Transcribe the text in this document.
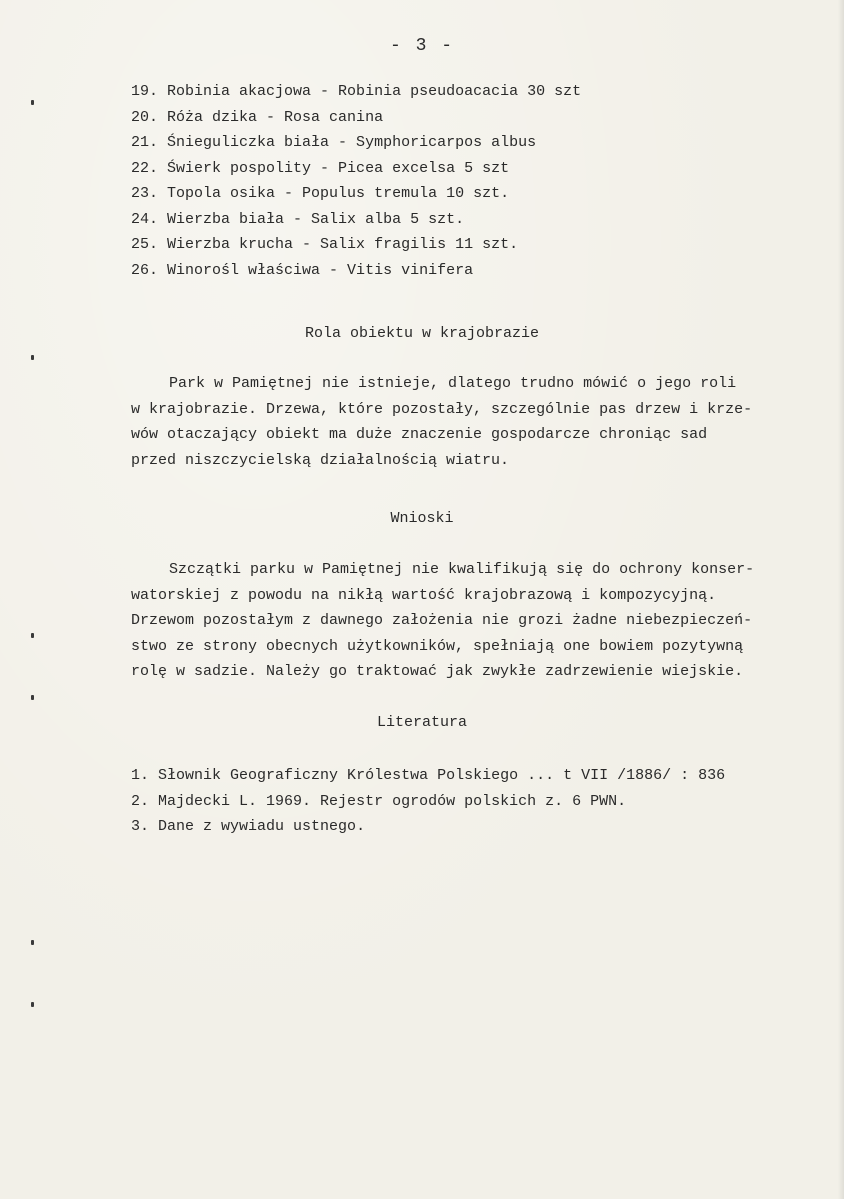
- 3 -
19. Robinia akacjowa - Robinia pseudoacacia 30 szt
20. Róża dzika - Rosa canina
21. Śnieguliczka biała - Symphoricarpos albus
22. Świerk pospolity - Picea excelsa 5 szt
23. Topola osika - Populus tremula 10 szt.
24. Wierzba biała - Salix alba 5 szt.
25. Wierzba krucha - Salix fragilis 11 szt.
26. Winorośl właściwa - Vitis vinifera
Rola obiektu w krajobrazie
Park w Pamiętnej nie istnieje, dlatego trudno mówić o jego roli
w krajobrazie. Drzewa, które pozostały, szczególnie pas drzew i krze-
wów otaczający obiekt ma duże znaczenie gospodarcze chroniąc sad
przed niszczycielską działalnością wiatru.
Wnioski
Szczątki parku w Pamiętnej nie kwalifikują się do ochrony konser-
watorskiej z powodu na nikłą wartość krajobrazową i kompozycyjną.
Drzewom pozostałym z dawnego założenia nie grozi żadne niebezpieczeń-
stwo ze strony obecnych użytkowników, spełniają one bowiem pozytywną
rolę w sadzie. Należy go traktować jak zwykłe zadrzewienie wiejskie.
Literatura
1. Słownik Geograficzny Królestwa Polskiego ... t VII /1886/ : 836
2. Majdecki L. 1969. Rejestr ogrodów polskich z. 6 PWN.
3. Dane z wywiadu ustnego.
